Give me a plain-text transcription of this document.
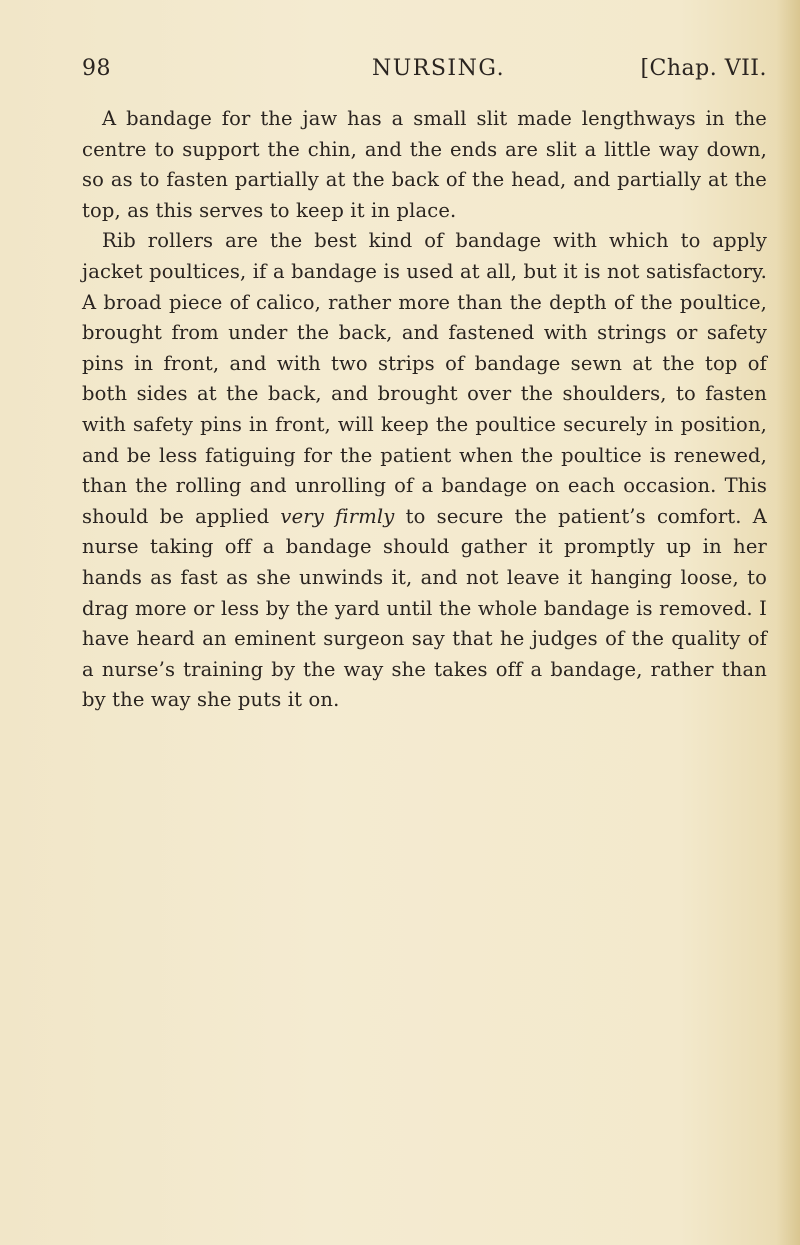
98	NURSING.	[Chap. VII.

A bandage for the jaw has a small slit made lengthways in the centre to support the chin, and the ends are slit a little way down, so as to fasten partially at the back of the head, and partially at the top, as this serves to keep it in place.

Rib rollers are the best kind of bandage with which to apply jacket poultices, if a bandage is used at all, but it is not satisfactory. A broad piece of calico, rather more than the depth of the poultice, brought from under the back, and fastened with strings or safety pins in front, and with two strips of bandage sewn at the top of both sides at the back, and brought over the shoulders, to fasten with safety pins in front, will keep the poultice securely in position, and be less fatiguing for the patient when the poultice is renewed, than the rolling and unrolling of a bandage on each occasion. This should be applied very firmly to secure the patient’s comfort. A nurse taking off a bandage should gather it promptly up in her hands as fast as she unwinds it, and not leave it hanging loose, to drag more or less by the yard until the whole bandage is removed. I have heard an eminent surgeon say that he judges of the quality of a nurse’s training by the way she takes off a bandage, rather than by the way she puts it on.
